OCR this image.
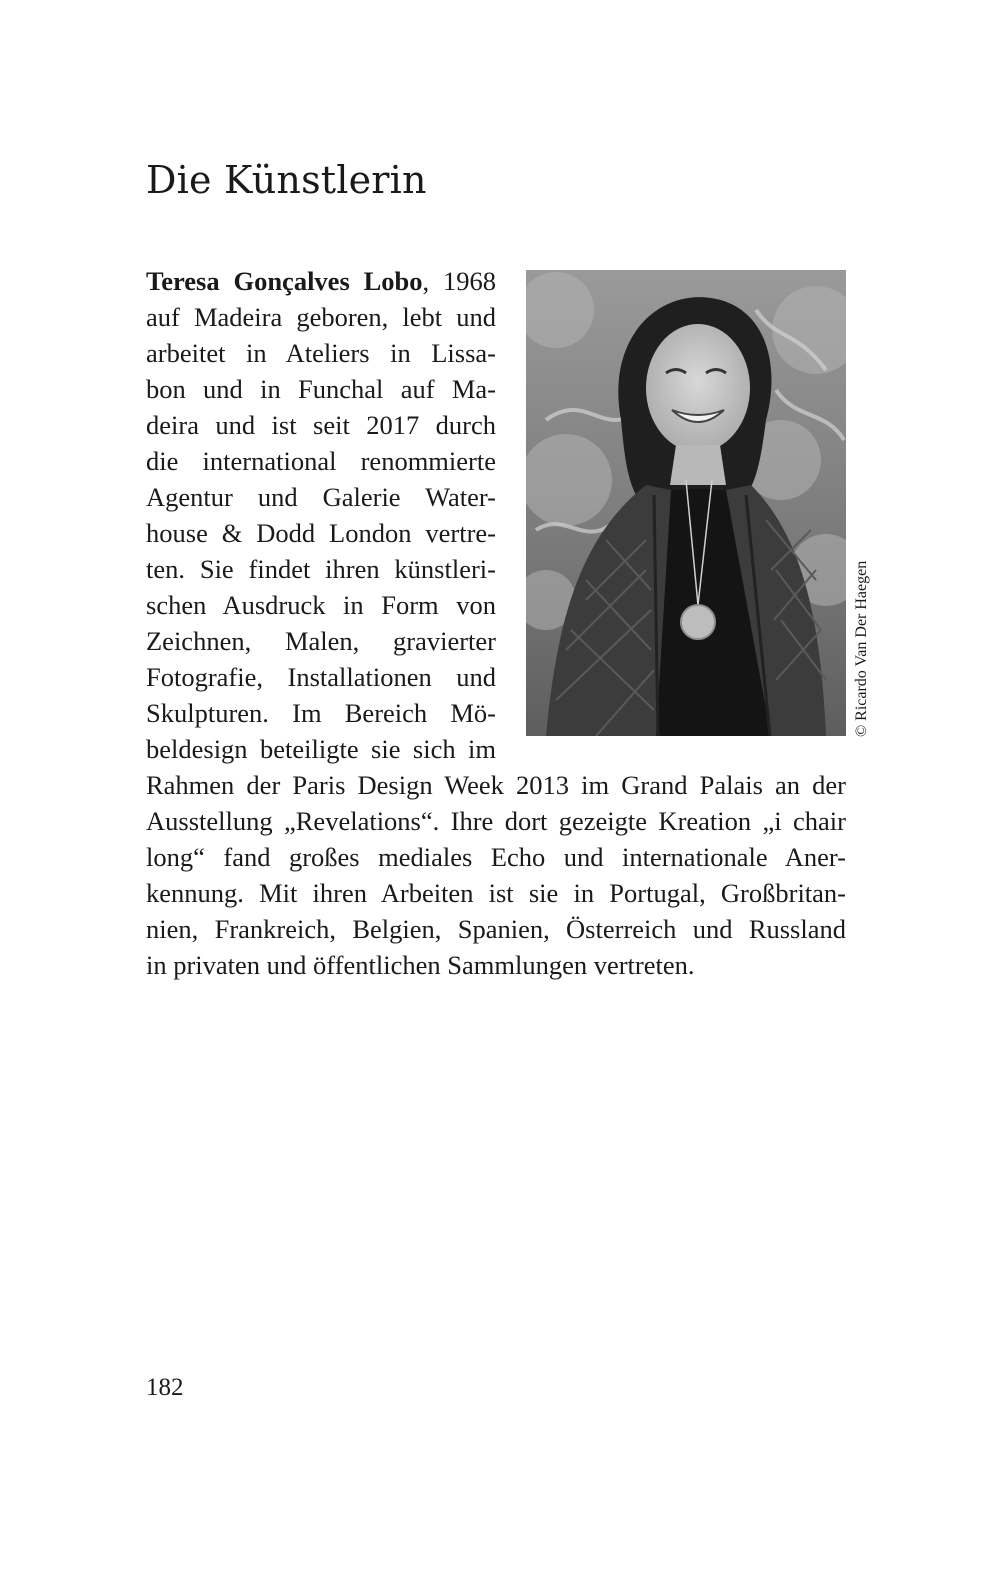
Die Künstlerin
Teresa Gonçalves Lobo, 1968
auf Madeira geboren, lebt und
arbeitet in Ateliers in Lissa-
bon und in Funchal auf Ma-
deira und ist seit 2017 durch
die international renommierte
Agentur und Galerie Water-
house & Dodd London vertre-
ten. Sie findet ihren künstleri-
schen Ausdruck in Form von
Zeichnen, Malen, gravierter
Fotografie, Installationen und
Skulpturen. Im Bereich Mö-
beldesign beteiligte sie sich im
Rahmen der Paris Design Week 2013 im Grand Palais an der
Ausstellung „Revelations“. Ihre dort gezeigte Kreation „i chair
long“ fand großes mediales Echo und internationale Aner-
kennung. Mit ihren Arbeiten ist sie in Portugal, Großbritan-
nien, Frankreich, Belgien, Spanien, Österreich und Russland
in privaten und öffentlichen Sammlungen vertreten.
© Ricardo Van Der Haegen
182
